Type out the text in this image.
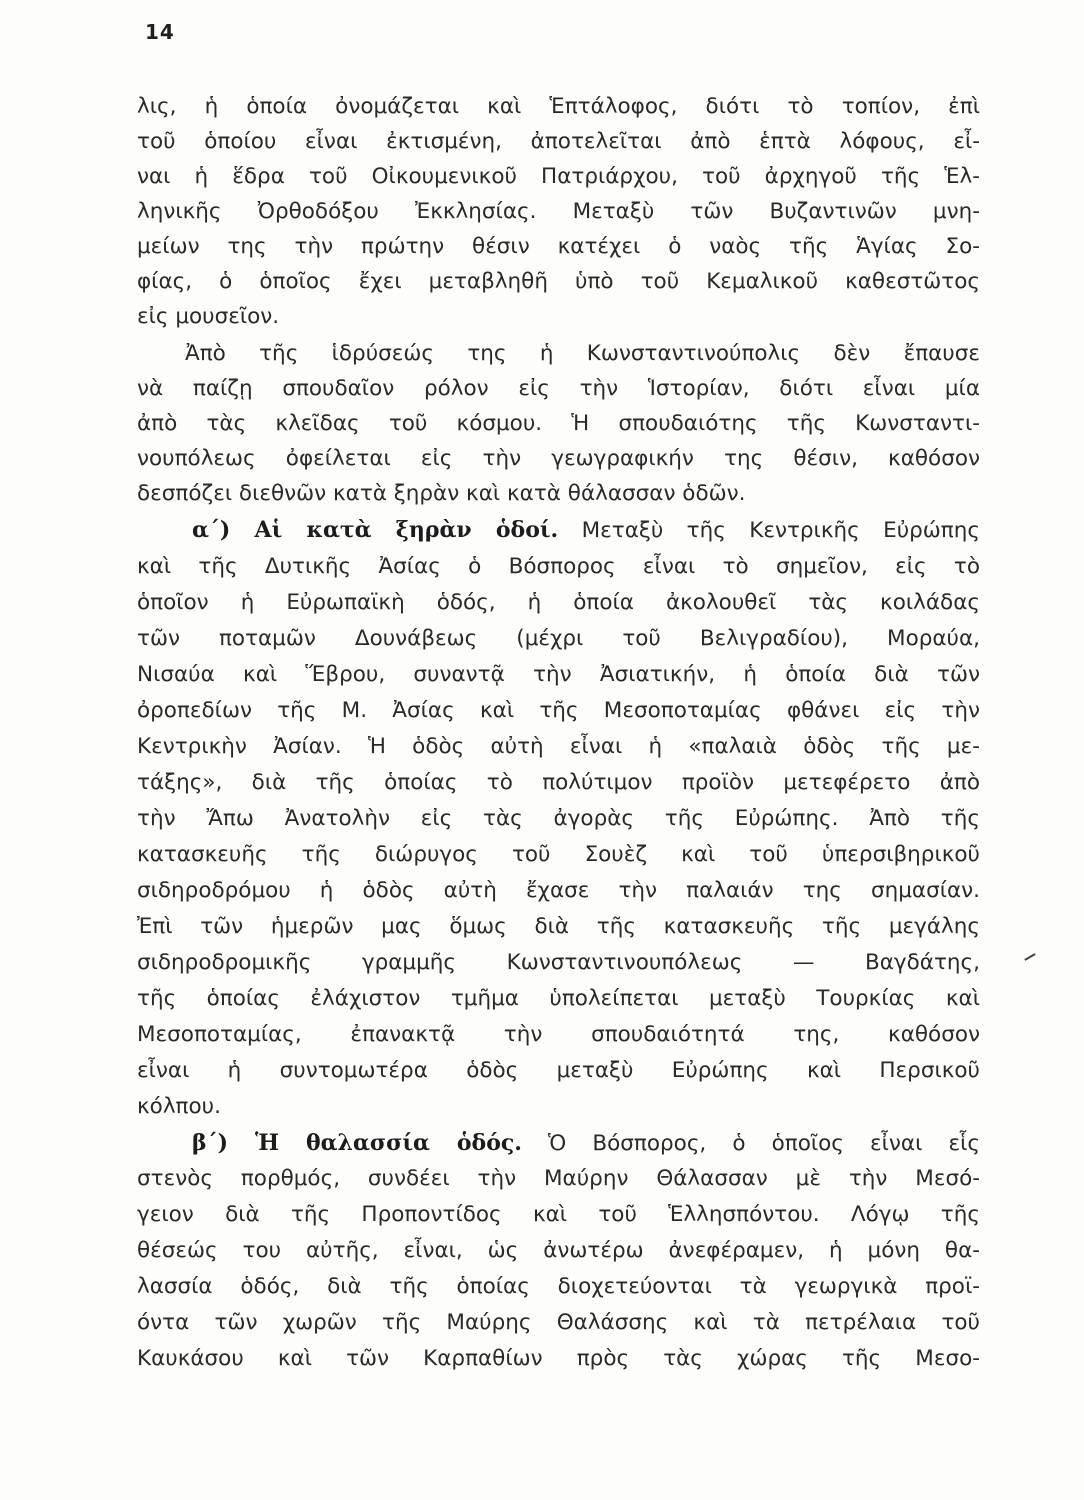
14
λις, ἡ ὁποία ὀνομάζεται καὶ Ἑπτάλοφος, διότι τὸ τοπίον, ἐπὶ
τοῦ ὁποίου εἶναι ἐκτισμένη, ἀποτελεῖται ἀπὸ ἑπτὰ λόφους, εἶ-
ναι ἡ ἕδρα τοῦ Οἰκουμενικοῦ Πατριάρχου, τοῦ ἀρχηγοῦ τῆς Ἑλ-
ληνικῆς Ὀρθοδόξου Ἐκκλησίας. Μεταξὺ τῶν Βυζαντινῶν μνη-
μείων της τὴν πρώτην θέσιν κατέχει ὁ ναὸς τῆς Ἁγίας Σο-
φίας, ὁ ὁποῖος ἔχει μεταβληθῆ ὑπὸ τοῦ Κεμαλικοῦ καθεστῶτος
εἰς μουσεῖον.
Ἀπὸ τῆς ἱδρύσεώς της ἡ Κωνσταντινούπολις δὲν ἔπαυσε
νὰ παίζῃ σπουδαῖον ρόλον εἰς τὴν Ἱστορίαν, διότι εἶναι μία
ἀπὸ τὰς κλεῖδας τοῦ κόσμου. Ἡ σπουδαιότης τῆς Κωνσταντι-
νουπόλεως ὀφείλεται εἰς τὴν γεωγραφικήν της θέσιν, καθόσον
δεσπόζει διεθνῶν κατὰ ξηρὰν καὶ κατὰ θάλασσαν ὁδῶν.
α΄) Αἱ κατὰ ξηρὰν ὁδοί. Μεταξὺ τῆς Κεντρικῆς Εὐρώπης
καὶ τῆς Δυτικῆς Ἀσίας ὁ Βόσπορος εἶναι τὸ σημεῖον, εἰς τὸ
ὁποῖον ἡ Εὐρωπαϊκὴ ὁδός, ἡ ὁποία ἀκολουθεῖ τὰς κοιλάδας
τῶν ποταμῶν Δουνάβεως (μέχρι τοῦ Βελιγραδίου), Μοραύα,
Νισαύα καὶ Ἕβρου, συναντᾷ τὴν Ἀσιατικήν, ἡ ὁποία διὰ τῶν
ὀροπεδίων τῆς Μ. Ἀσίας καὶ τῆς Μεσοποταμίας φθάνει εἰς τὴν
Κεντρικὴν Ἀσίαν. Ἡ ὁδὸς αὐτὴ εἶναι ἡ «παλαιὰ ὁδὸς τῆς με-
τάξης», διὰ τῆς ὁποίας τὸ πολύτιμον προϊὸν μετεφέρετο ἀπὸ
τὴν Ἄπω Ἀνατολὴν εἰς τὰς ἀγορὰς τῆς Εὐρώπης. Ἀπὸ τῆς
κατασκευῆς τῆς διώρυγος τοῦ Σουὲζ καὶ τοῦ ὑπερσιβηρικοῦ
σιδηροδρόμου ἡ ὁδὸς αὐτὴ ἔχασε τὴν παλαιάν της σημασίαν.
Ἐπὶ τῶν ἡμερῶν μας ὅμως διὰ τῆς κατασκευῆς τῆς μεγάλης
σιδηροδρομικῆς γραμμῆς Κωνσταντινουπόλεως — Βαγδάτης,
τῆς ὁποίας ἐλάχιστον τμῆμα ὑπολείπεται μεταξὺ Τουρκίας καὶ
Μεσοποταμίας, ἐπανακτᾷ τὴν σπουδαιότητά της, καθόσον
εἶναι ἡ συντομωτέρα ὁδὸς μεταξὺ Εὐρώπης καὶ Περσικοῦ
κόλπου.
β΄) Ἡ θαλασσία ὁδός. Ὁ Βόσπορος, ὁ ὁποῖος εἶναι εἷς
στενὸς πορθμός, συνδέει τὴν Μαύρην Θάλασσαν μὲ τὴν Μεσό-
γειον διὰ τῆς Προποντίδος καὶ τοῦ Ἑλλησπόντου. Λόγῳ τῆς
θέσεώς του αὐτῆς, εἶναι, ὡς ἀνωτέρω ἀνεφέραμεν, ἡ μόνη θα-
λασσία ὁδός, διὰ τῆς ὁποίας διοχετεύονται τὰ γεωργικὰ προϊ-
όντα τῶν χωρῶν τῆς Μαύρης Θαλάσσης καὶ τὰ πετρέλαια τοῦ
Καυκάσου καὶ τῶν Καρπαθίων πρὸς τὰς χώρας τῆς Μεσο-
